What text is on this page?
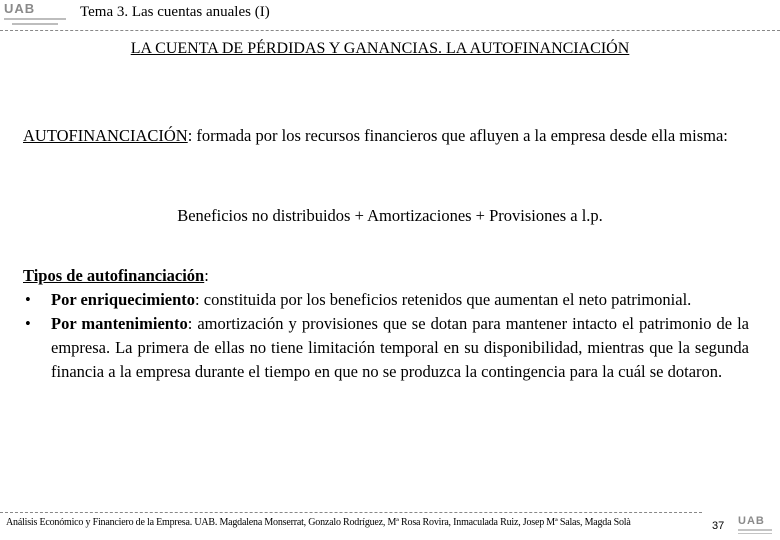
UAB	Tema 3. Las cuentas anuales (I)
LA CUENTA DE PÉRDIDAS Y GANANCIAS. LA AUTOFINANCIACIÓN
AUTOFINANCIACIÓN: formada por los recursos financieros que afluyen a la empresa desde ella misma:
Beneficios no distribuidos + Amortizaciones + Provisiones a l.p.
Tipos de autofinanciación:
• Por enriquecimiento: constituida por los beneficios retenidos que aumentan el neto patrimonial.
• Por mantenimiento: amortización y provisiones que se dotan para mantener intacto el patrimonio de la empresa. La primera de ellas no tiene limitación temporal en su disponibilidad, mientras que la segunda financia a la empresa durante el tiempo en que no se produzca la contingencia para la cuál se dotaron.
Análisis Económico y Financiero de la Empresa. UAB. Magdalena Monserrat, Gonzalo Rodríguez, Mª Rosa Rovira, Inmaculada Ruiz, Josep Mª Salas, Magda Solà	37 UAB
